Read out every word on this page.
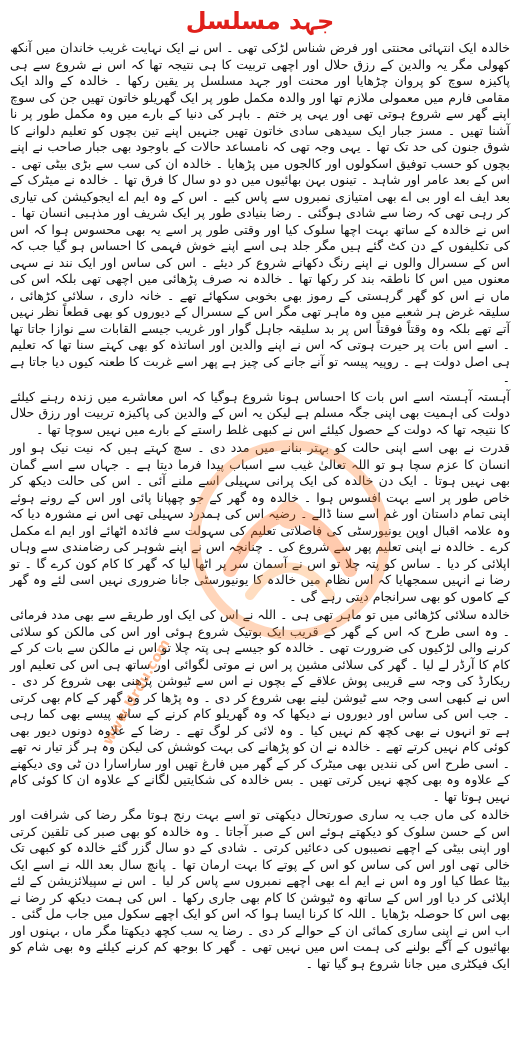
جہد مسلسل

خالدہ ایک انتہائی محنتی اور فرض شناس لڑکی تھی ۔ اس نے ایک نہایت غریب خاندان میں آنکھ کھولی مگر یہ والدین کے رزق حلال اور اچھی تربیت کا ہی نتیجہ تھا کہ اس نے شروع سے ہی پاکیزہ سوچ کو پروان چڑھایا اور محنت اور جہد مسلسل پر یقین رکھا ۔ خالدہ کے والد ایک مقامی فارم میں معمولی ملازم تھا اور والدہ مکمل طور پر ایک گھریلو خاتون تھیں جن کی سوچ اپنے گھر سے شروع ہوتی تھی اور یہی پر ختم ۔ باہر کی دنیا کے بارے میں وہ مکمل طور پر نا آشنا تھیں ۔ مسز جبار ایک سیدھی سادی خاتون تھیں جنہیں اپنے تین بچوں کو تعلیم دلوانے کا شوق جنون کی حد تک تھا ۔ یہی وجہ تھی کہ نامساعد حالات کے باوجود بھی جبار صاحب نے اپنے بچوں کو حسب توفیق اسکولوں اور کالجوں میں پڑھایا ۔ خالدہ ان کی سب سے بڑی بیٹی تھی ۔ اس کے بعد عامر اور شاہد ۔ تینوں بہن بھائیوں میں دو دو سال کا فرق تھا ۔ خالدہ نے میٹرک کے بعد ایف اے اور بی اے بھی امتیازی نمبروں سے پاس کیے ۔ اس کے وہ ایم اے ایجوکیشن کی تیاری کر رہی تھی کہ رضا سے شادی ہوگئی ۔ رضا بنیادی طور پر ایک شریف اور مذہبی انسان تھا ۔ اس نے خالدہ کے ساتھ بہت اچھا سلوک کیا اور وقتی طور پر اسے یہ بھی محسوس ہوا کہ اس کی تکلیفوں کے دن کٹ گئے ہیں مگر جلد ہی اسے اپنے خوش فہمی کا احساس ہو گیا جب کہ اس کے سسرال والوں نے اپنے رنگ دکھانے شروع کر دیئے ۔ اس کی ساس اور ایک نند نے سہی معنوں میں اس کا ناطقہ بند کر رکھا تھا ۔ خالدہ نہ صرف پڑھائی میں اچھی تھی بلکہ اس کی ماں نے اس کو گھر گرہستی کے رموز بھی بخوبی سکھائے تھے ۔ خانہ داری ، سلائی کڑھائی ، سلیقہ غرض ہر شعبے میں وہ ماہر تھی مگر اس کے سسرال کے دیوروں کو بھی قطعاً نظر نہیں آتے تھے بلکہ وہ وقتاً فوقتاً اس پر بد سلیقہ جاہل گوار اور غریب جیسے القابات سے نوازا جاتا تھا ۔ اسے اس بات پر حیرت ہوتی کہ اس نے اپنے والدین اور اساتذہ کو بھی کہتے سنا تھا کہ تعلیم ہی اصل دولت ہے ۔ روپیہ پیسہ تو آنے جانے کی چیز ہے پھر اسے غربت کا طعنہ کیوں دیا جاتا ہے ۔

آہستہ آہستہ اسے اس بات کا احساس ہونا شروع ہوگیا کہ اس معاشرے میں زندہ رہنے کیلئے دولت کی اہمیت بھی اپنی جگہ مسلم ہے لیکن یہ اس کے والدین کی پاکیزہ تربیت اور رزق حلال کا نتیجہ تھا کہ دولت کے حصول کیلئے اس نے کبھی غلط راستے کے بارے میں نہیں سوچا تھا ۔

قدرت نے بھی اسے اپنی حالت کو بہتر بنانے میں مدد دی ۔ سچ کہتے ہیں کہ نیت نیک ہو اور انسان کا عزم سچا ہو تو اللہ تعالیٰ غیب سے اسباب پیدا فرما دیتا ہے ۔ جہاں سے اسے گمان بھی نہیں ہوتا ۔ ایک دن خالدہ کی ایک پرانی سہیلی اسے ملنے آئی ۔ اس کی حالت دیکھ کر خاص طور پر اسے بہت افسوس ہوا ۔ خالدہ وہ گھر کے جو چھپانا پائی اور اس کے رونے ہوئے اپنی تمام داستان اور غم اسے سنا ڈالے ۔ رضیہ اس کی ہمدرد سہیلی تھی اس نے مشورہ دیا کہ وہ علامہ اقبال اوپن یونیورسٹی کی فاصلاتی تعلیم کی سہولت سے فائدہ اٹھائے اور ایم اے مکمل کرے ۔ خالدہ نے اپنی تعلیم پھر سے شروع کی ۔ چنانچہ اس نے اپنے شوہر کی رضامندی سے وہاں اپلائی کر دیا ۔ ساس کو پتہ چلا تو اس نے آسمان سر پر اٹھا لیا کہ گھر کا کام کون کرے گا ۔ تو رضا نے انہیں سمجھایا کہ اس نظام میں خالدہ کا یونیورسٹی جانا ضروری نہیں اسی لئے وہ گھر کے کاموں کو بھی سرانجام دیتی رہے گی ۔

خالدہ سلائی کڑھائی میں تو ماہر تھی ہی ۔ اللہ نے اس کی ایک اور طریقے سے بھی مدد فرمائی ۔ وہ اسی طرح کہ اس کے گھر کے قریب ایک بوتیک شروع ہوئی اور اس کی مالکن کو سلائی کرنے والی لڑکیوں کی ضرورت تھی ۔ خالدہ کو جیسے ہی پتہ چلا تو اس نے مالکن سے بات کر کے کام کا آرڈر لے لیا ۔ گھر کی سلائی مشین پر اس نے موتی لگوائی اور ساتھ ہی اس کی تعلیم اور ریکارڈ کی وجہ سے قریبی پوش علاقے کے بچوں نے اس سے ٹیوشن پڑھنی بھی شروع کر دی ۔ اس نے کبھی اسی وجہ سے ٹیوشن لینے بھی شروع کر دی ۔ وہ پڑھا کر وہ گھر کے کام بھی کرتی ۔ جب اس کی ساس اور دیوروں نے دیکھا کہ وہ گھریلو کام کرنے کے ساتھ پیسے بھی کما رہی ہے تو انہوں نے بھی کچھ کم نہیں کیا ۔ وہ لائی کر لوگ تھے ۔ رضا کے علاوہ دونوں دیور بھی کوئی کام نہیں کرتے تھے ۔ خالدہ نے ان کو پڑھانے کی بہت کوشش کی لیکن وہ ہر گز تیار نہ تھے ۔ اسی طرح اس کی نندیں بھی میٹرک کر کے گھر میں فارغ تھیں اور ساراسارا دن ٹی وی دیکھنے کے علاوہ وہ بھی کچھ نہیں کرتی تھیں ۔ بس خالدہ کی شکایتیں لگانے کے علاوہ ان کا کوئی کام نہیں ہوتا تھا ۔

خالدہ کی ماں جب یہ ساری صورتحال دیکھتی تو اسے بہت رنج ہوتا مگر رضا کی شرافت اور اس کے حسن سلوک کو دیکھتے ہوئے اس کے صبر آجاتا ۔ وہ خالدہ کو بھی صبر کی تلقین کرتی اور اپنی بیٹی کے اچھے نصیبوں کی دعائیں کرتی ۔ شادی کے دو سال گزر گئے خالدہ کو کبھی تک خالی تھی اور اس کی ساس کو اس کے پوتے کا بہت ارمان تھا ۔ پانچ سال بعد اللہ نے اسے ایک بیٹا عطا کیا اور وہ اس نے ایم اے بھی اچھے نمبروں سے پاس کر لیا ۔ اس نے سپیلائزیشن کے لئے اپلائی کر دیا اور اس کے ساتھ وہ ٹیوشن کا کام بھی جاری رکھا ۔ اس کی ہمت دیکھ کر رضا نے بھی اس کا حوصلہ بڑھایا ۔ اللہ کا کرنا ایسا ہوا کہ اس کو ایک اچھے سکول میں جاب مل گئی ۔ اب اس نے اپنی ساری کمائی ان کے حوالے کر دی ۔ رضا یہ سب کچھ دیکھتا مگر ماں ، بہنوں اور بھائیوں کے آگے بولنے کی ہمت اس میں نہیں تھی ۔ گھر کا بوجھ کم کرنے کیلئے وہ بھی شام کو ایک فیکٹری میں جانا شروع ہو گیا تھا ۔

www.Urdu.com
